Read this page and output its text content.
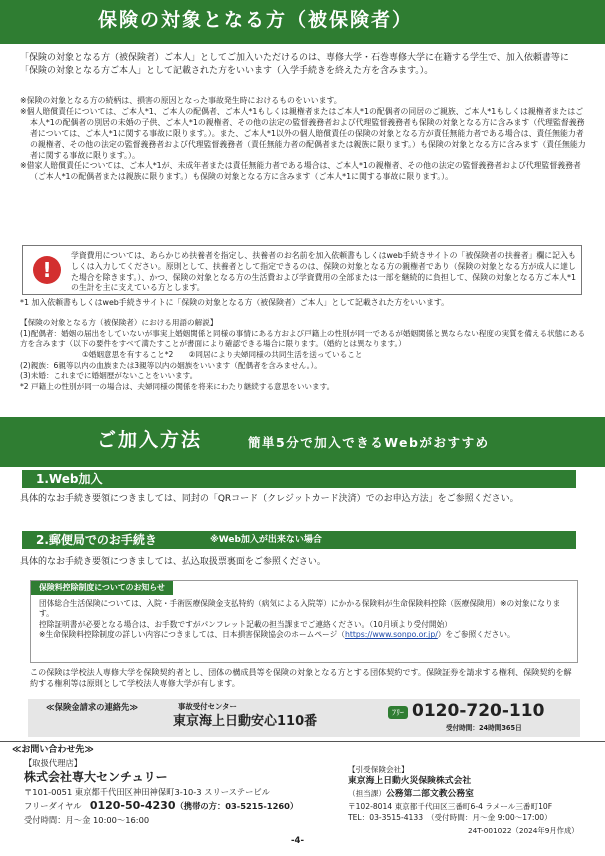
保険の対象となる方（被保険者）

「保険の対象となる方（被保険者）ご本人」としてご加入いただけるのは、専修大学・石巻専修大学に在籍する学生で、加入依頼書等に「保険の対象となる方ご本人」として記載された方をいいます（入学手続きを終えた方を含みます。）。

※保険の対象となる方の続柄は、損害の原因となった事故発生時におけるものをいいます。

※個人賠償責任については、ご本人*1、ご本人の配偶者、ご本人*1もしくは親権者またはご本人*1の配偶者の同居のご親族、ご本人*1もしくは親権者またはご本人*1の配偶者の別居の未婚の子供、ご本人*1の親権者、その他の法定の監督義務者および代理監督義務者も保険の対象となる方に含みます（代理監督義務者については、ご本人*1に関する事故に限ります。）。また、ご本人*1以外の個人賠償責任の保険の対象となる方が責任無能力者である場合は、責任無能力者の親権者、その他の法定の監督義務者および代理監督義務者（責任無能力者の配偶者または親族に限ります。）も保険の対象となる方に含みます（責任無能力者に関する事故に限ります。）。

※借家人賠償責任については、ご本人*1が、未成年者または責任無能力者である場合は、ご本人*1の親権者、その他の法定の監督義務者および代理監督義務者（ご本人*1の配偶者または親族に限ります。）も保険の対象となる方に含みます（ご本人*1に関する事故に限ります。）。

!
学資費用については、あらかじめ扶養者を指定し、扶養者のお名前を加入依頼書もしくはweb手続きサイトの「被保険者の扶養者」欄に記入もしくは入力してください。原則として、扶養者として指定できるのは、保険の対象となる方の親権者であり（保険の対象となる方が成人に達した場合を除きます。）、かつ、保険の対象となる方の生活費および学資費用の全部または一部を継続的に負担して、保険の対象となる方ご本人*1の生計を主に支えている方とします。

*1 加入依頼書もしくはweb手続きサイトに「保険の対象となる方（被保険者）ご本人」として記載された方をいいます。

【保険の対象となる方（被保険者）における用語の解説】

(1)配偶者：婚姻の届出をしていないが事実上婚姻関係と同様の事情にある方および戸籍上の性別が同一であるが婚姻関係と異ならない程度の実質を備える状態にある方を含みます（以下の要件をすべて満たすことが書面により確認できる場合に限ります。（婚約とは異なります。）

①婚姻意思を有すること*2　　 ②同居により夫婦同様の共同生活を送っていること

(2)親族：6親等以内の血族または3親等以内の姻族をいいます（配偶者を含みません。）。

(3)未婚：これまでに婚姻歴がないことをいいます。

*2 戸籍上の性別が同一の場合は、夫婦同様の関係を将来にわたり継続する意思をいいます。

ご加入方法	簡単5分で加入できるWebがおすすめ
1.Web加入

具体的なお手続き要領につきましては、同封の「QRコード（クレジットカード決済）でのお申込方法」をご参照ください。

2.郵便局でのお手続き	※Web加入が出来ない場合

具体的なお手続き要領につきましては、払込取扱票裏面をご参照ください。

保険料控除制度についてのお知らせ

団体総合生活保険については、入院・手術医療保険金支払特約（病気による入院等）にかかる保険料が生命保険料控除（医療保険用）※の対象になります。

控除証明書が必要となる場合は、お手数ですがパンフレット記載の担当課までご連絡ください。（10月頃より受付開始）

※生命保険料控除制度の詳しい内容につきましては、日本損害保険協会のホームページ（https://www.sonpo.or.jp/）をご参照ください。

この保険は学校法人専修大学を保険契約者とし、団体の構成員等を保険の対象となる方とする団体契約です。保険証券を請求する権利、保険契約を解約する権利等は原則として学校法人専修大学が有します。
≪保険金請求の連絡先≫	事故受付センター
東京海上日動安心110番
ﾌﾘｰ 0120-720-110
受付時間：24時間365日
≪お問い合わせ先≫

【取扱代理店】

株式会社専大センチュリー

〒101-0051 東京都千代田区神田神保町3-10-3 スリーステービル

フリーダイヤル　 0120-50-4230（携帯の方：03-5215-1260）

受付時間：月～金 10:00～16:00

【引受保険会社】

東京海上日動火災保険株式会社

（担当課）公務第二部文教公務室

〒102-8014 東京都千代田区三番町6-4 ラメール三番町10F

TEL：03-3515-4133　（受付時間：月～金 9:00～17:00）

24T-001022（2024年9月作成）
-4-
